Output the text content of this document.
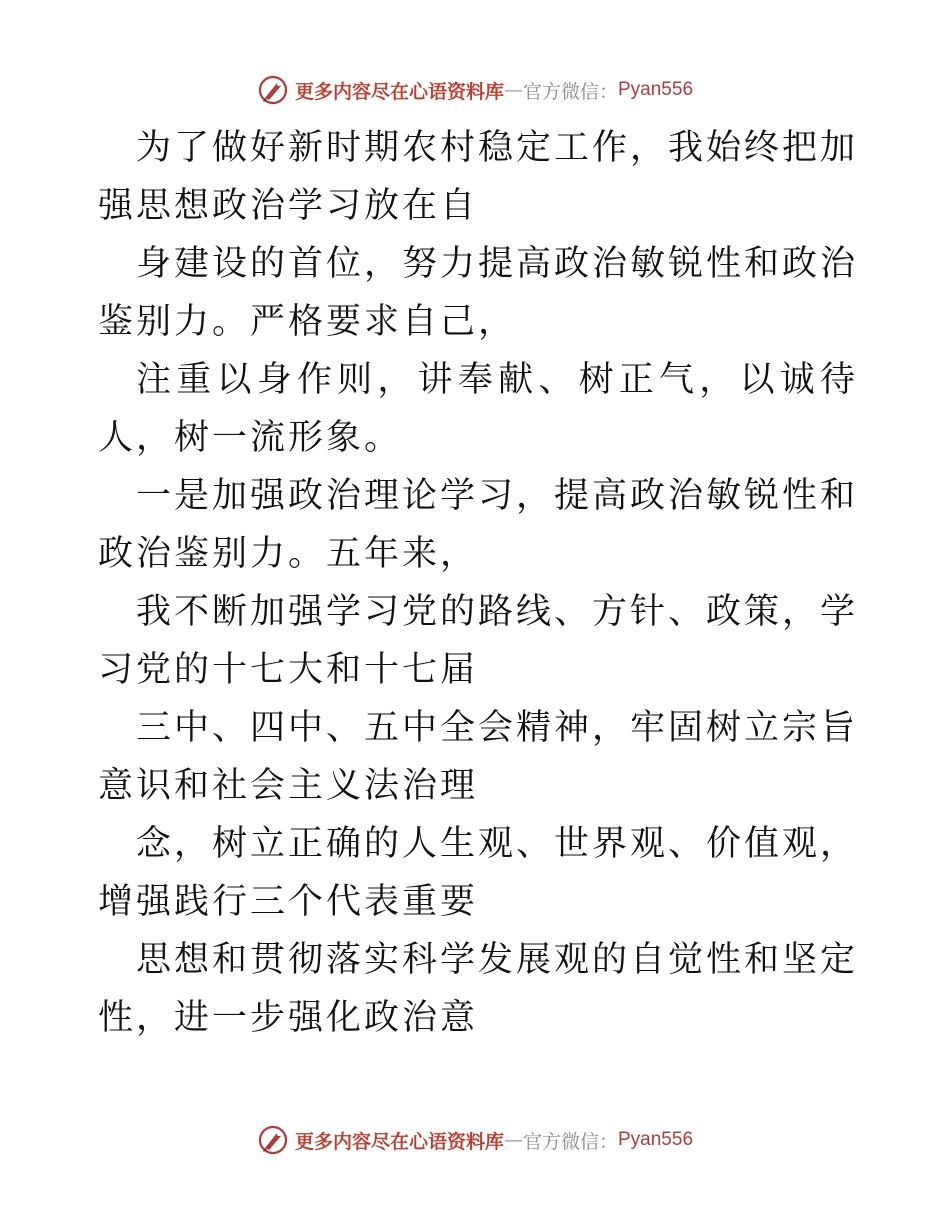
更多内容尽在心语资料库 — 官方微信： Pyan556

为了做好新时期农村稳定工作，我始终把加强思想政治学习放在自

身建设的首位，努力提高政治敏锐性和政治鉴别力。严格要求自己，

注重以身作则，讲奉献、树正气，以诚待人，树一流形象。

一是加强政治理论学习，提高政治敏锐性和政治鉴别力。五年来，

我不断加强学习党的路线、方针、政策，学习党的十七大和十七届

三中、四中、五中全会精神，牢固树立宗旨意识和社会主义法治理

念，树立正确的人生观、世界观、价值观，增强践行三个代表重要

思想和贯彻落实科学发展观的自觉性和坚定性，进一步强化政治意

更多内容尽在心语资料库 — 官方微信： Pyan556
